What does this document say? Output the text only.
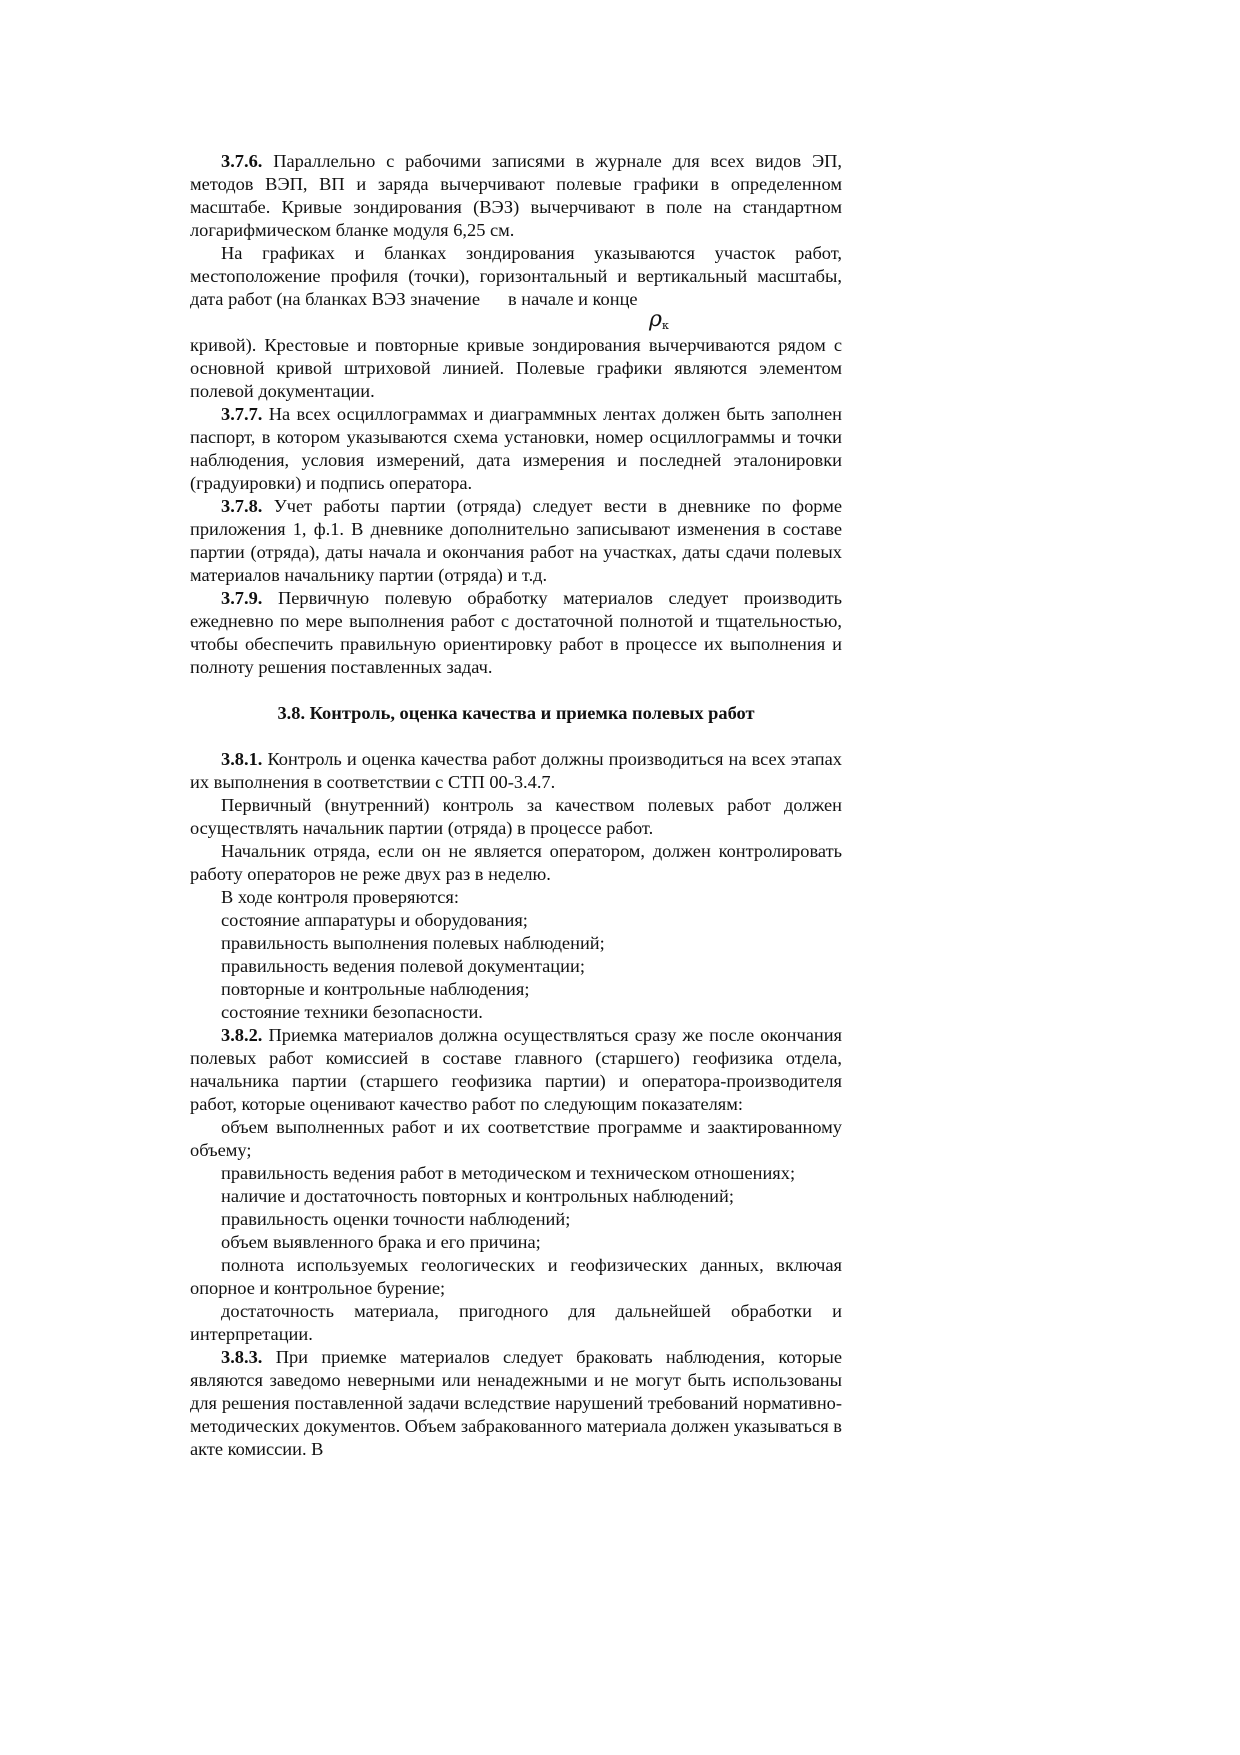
3.7.6. Параллельно с рабочими записями в журнале для всех видов ЭП, методов ВЭП, ВП и заряда вычерчивают полевые графики в определенном масштабе. Кривые зондирования (ВЭЗ) вычерчивают в поле на стандартном логарифмическом бланке модуля 6,25 см.

На графиках и бланках зондирования указываются участок работ, местоположение профиля (точки), горизонтальный и вертикальный масштабы, дата работ (на бланках ВЭЗ значение в начале и конце

$\rho_к$

кривой). Крестовые и повторные кривые зондирования вычерчиваются рядом с основной кривой штриховой линией. Полевые графики являются элементом полевой документации.

3.7.7. На всех осциллограммах и диаграммных лентах должен быть заполнен паспорт, в котором указываются схема установки, номер осциллограммы и точки наблюдения, условия измерений, дата измерения и последней эталонировки (градуировки) и подпись оператора.

3.7.8. Учет работы партии (отряда) следует вести в дневнике по форме приложения 1, ф.1. В дневнике дополнительно записывают изменения в составе партии (отряда), даты начала и окончания работ на участках, даты сдачи полевых материалов начальнику партии (отряда) и т.д.

3.7.9. Первичную полевую обработку материалов следует производить ежедневно по мере выполнения работ с достаточной полнотой и тщательностью, чтобы обеспечить правильную ориентировку работ в процессе их выполнения и полноту решения поставленных задач.

3.8. Контроль, оценка качества и приемка полевых работ

3.8.1. Контроль и оценка качества работ должны производиться на всех этапах их выполнения в соответствии с СТП 00-3.4.7.

Первичный (внутренний) контроль за качеством полевых работ должен осуществлять начальник партии (отряда) в процессе работ.

Начальник отряда, если он не является оператором, должен контролировать работу операторов не реже двух раз в неделю.

В ходе контроля проверяются:

состояние аппаратуры и оборудования;

правильность выполнения полевых наблюдений;

правильность ведения полевой документации;

повторные и контрольные наблюдения;

состояние техники безопасности.

3.8.2. Приемка материалов должна осуществляться сразу же после окончания полевых работ комиссией в составе главного (старшего) геофизика отдела, начальника партии (старшего геофизика партии) и оператора-производителя работ, которые оценивают качество работ по следующим показателям:

объем выполненных работ и их соответствие программе и заактированному объему;

правильность ведения работ в методическом и техническом отношениях;

наличие и достаточность повторных и контрольных наблюдений;

правильность оценки точности наблюдений;

объем выявленного брака и его причина;

полнота используемых геологических и геофизических данных, включая опорное и контрольное бурение;

достаточность материала, пригодного для дальнейшей обработки и интерпретации.

3.8.3. При приемке материалов следует браковать наблюдения, которые являются заведомо неверными или ненадежными и не могут быть использованы для решения поставленной задачи вследствие нарушений требований нормативно-методических документов. Объем забракованного материала должен указываться в акте комиссии. В
